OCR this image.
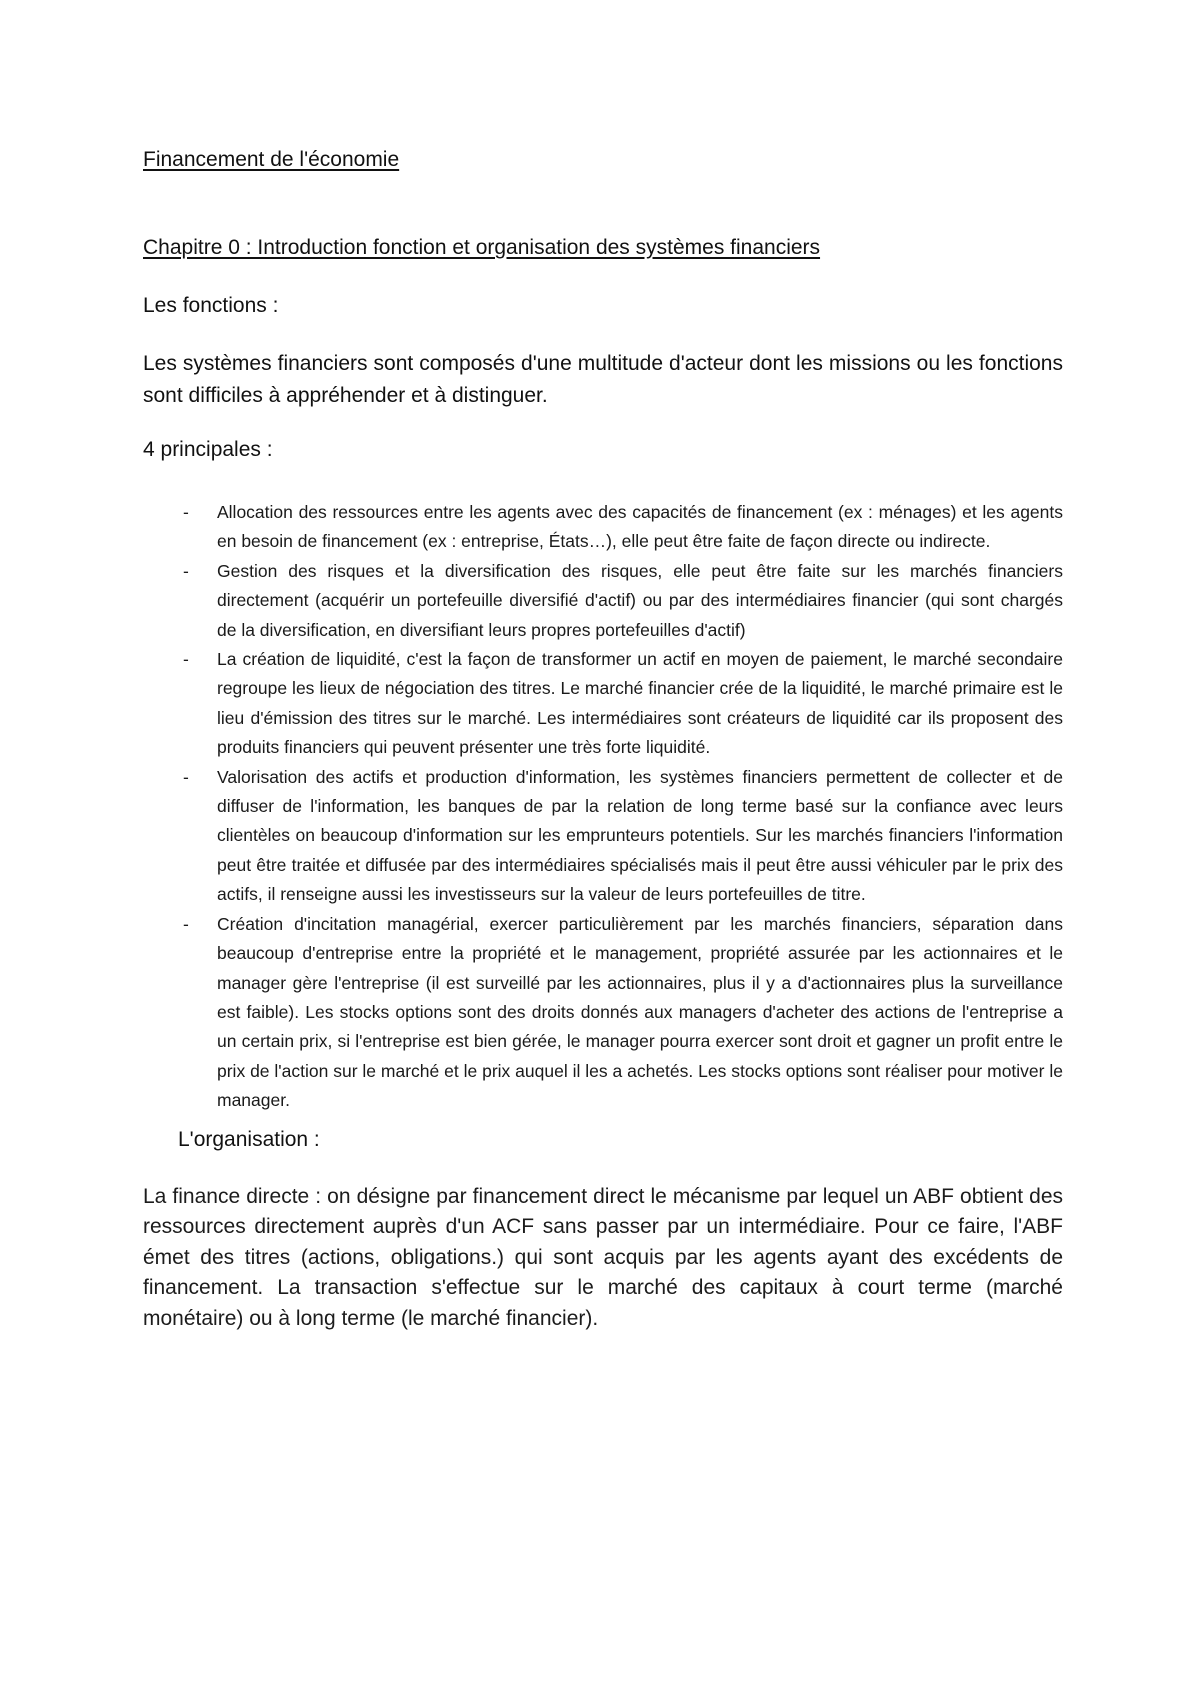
Financement de l'économie

Chapitre 0 : Introduction fonction et organisation des systèmes financiers

Les fonctions :

Les systèmes financiers sont composés d'une multitude d'acteur dont les missions ou les fonctions sont difficiles à appréhender et à distinguer.

4 principales :

- Allocation des ressources entre les agents avec des capacités de financement (ex : ménages) et les agents en besoin de financement (ex : entreprise, États…), elle peut être faite de façon directe ou indirecte.
- Gestion des risques et la diversification des risques, elle peut être faite sur les marchés financiers directement (acquérir un portefeuille diversifié d'actif) ou par des intermédiaires financier (qui sont chargés de la diversification, en diversifiant leurs propres portefeuilles d'actif)
- La création de liquidité, c'est la façon de transformer un actif en moyen de paiement, le marché secondaire regroupe les lieux de négociation des titres. Le marché financier crée de la liquidité, le marché primaire est le lieu d'émission des titres sur le marché. Les intermédiaires sont créateurs de liquidité car ils proposent des produits financiers qui peuvent présenter une très forte liquidité.
- Valorisation des actifs et production d'information, les systèmes financiers permettent de collecter et de diffuser de l'information, les banques de par la relation de long terme basé sur la confiance avec leurs clientèles on beaucoup d'information sur les emprunteurs potentiels. Sur les marchés financiers l'information peut être traitée et diffusée par des intermédiaires spécialisés mais il peut être aussi véhiculer par le prix des actifs, il renseigne aussi les investisseurs sur la valeur de leurs portefeuilles de titre.
- Création d'incitation managérial, exercer particulièrement par les marchés financiers, séparation dans beaucoup d'entreprise entre la propriété et le management, propriété assurée par les actionnaires et le manager gère l'entreprise (il est surveillé par les actionnaires, plus il y a d'actionnaires plus la surveillance est faible). Les stocks options sont des droits donnés aux managers d'acheter des actions de l'entreprise a un certain prix, si l'entreprise est bien gérée, le manager pourra exercer sont droit et gagner un profit entre le prix de l'action sur le marché et le prix auquel il les a achetés. Les stocks options sont réaliser pour motiver le manager.

L'organisation :

La finance directe : on désigne par financement direct le mécanisme par lequel un ABF obtient des ressources directement auprès d'un ACF sans passer par un intermédiaire. Pour ce faire, l'ABF émet des titres (actions, obligations.) qui sont acquis par les agents ayant des excédents de financement. La transaction s'effectue sur le marché des capitaux à court terme (marché monétaire) ou à long terme (le marché financier).
